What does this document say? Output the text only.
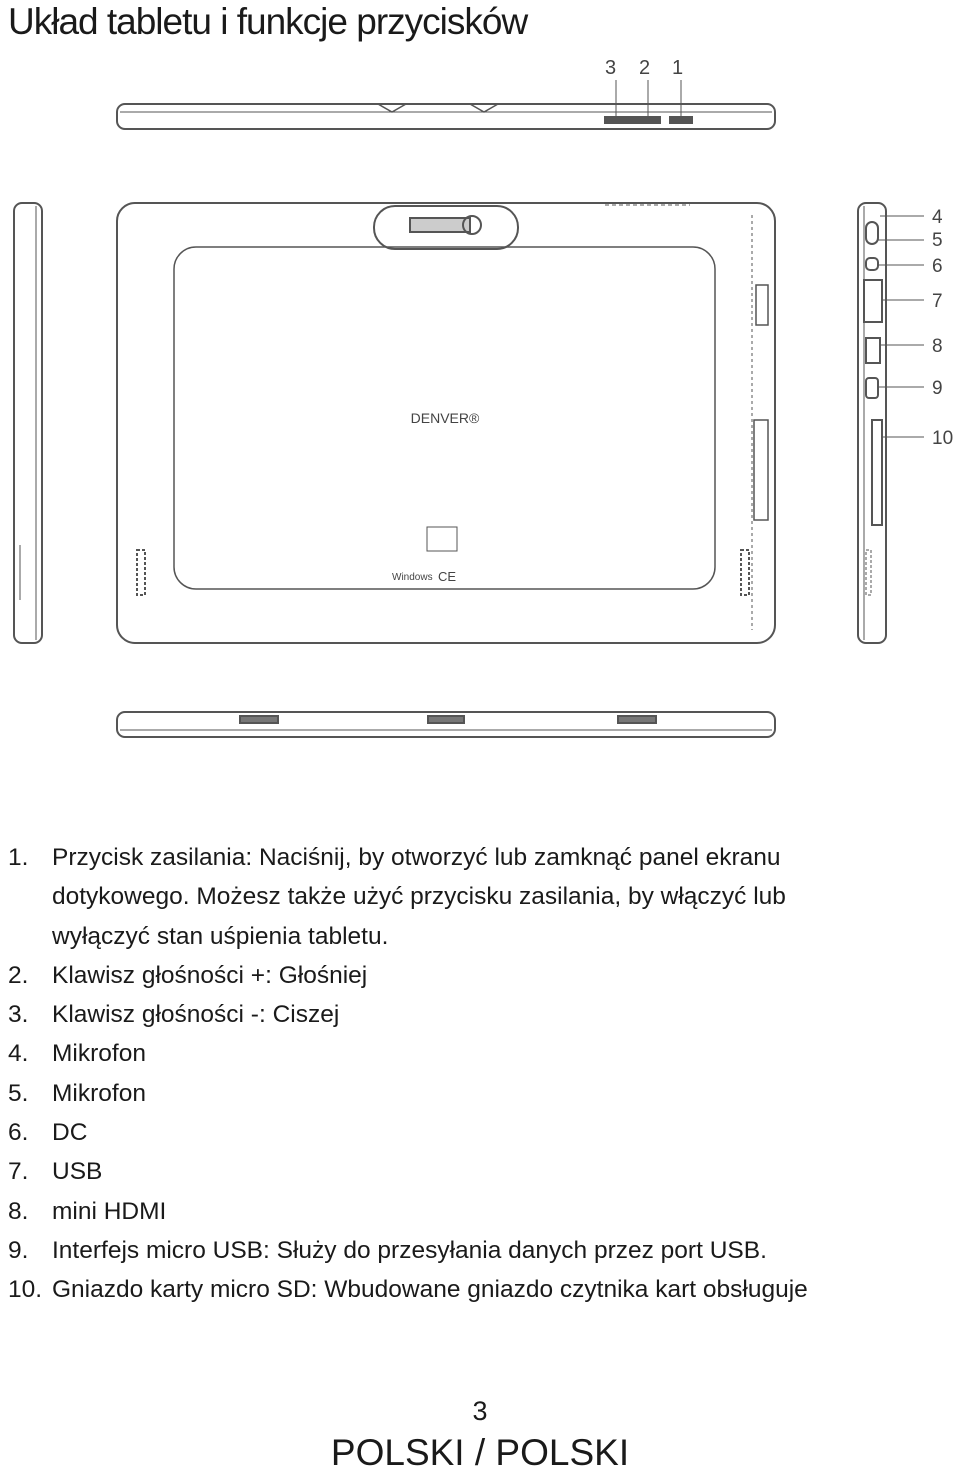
Układ tabletu i funkcje przycisków
DENVER®
Windows CE
3 2 1
4
5
6
7
8
9
10
1. Przycisk zasilania: Naciśnij, by otworzyć lub zamknąć panel ekranu
dotykowego. Możesz także użyć przycisku zasilania, by włączyć lub
wyłączyć stan uśpienia tabletu.
2. Klawisz głośności +: Głośniej
3. Klawisz głośności -: Ciszej
4. Mikrofon
5. Mikrofon
6. DC
7. USB
8. mini HDMI
9. Interfejs micro USB: Służy do przesyłania danych przez port USB.
10. Gniazdo karty micro SD: Wbudowane gniazdo czytnika kart obsługuje
3
POLSKI / POLSKI
